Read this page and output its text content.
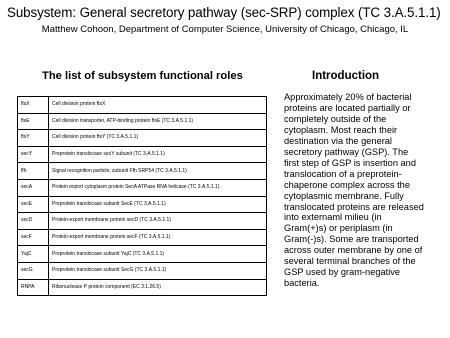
Subsystem: General secretory pathway (sec-SRP) complex (TC 3.A.5.1.1)
Matthew Cohoon, Department of Computer Science, University of Chicago, Chicago, IL
The list of subsystem functional roles	Introduction
ftsX	Cell division protein ftsX
ftsE	Cell division transporter, ATP-binding protein ftsE (TC 3.A.5.1.1)
ftsY	Cell division protein ftsY (TC 3.A.5.1.1)
secY	Preprotein translocase secY subunit (TC 3.A.5.1.1)
ffh	Signal recognition particle, subunit Ffh SRP54 (TC 3.A.5.1.1)
secA	Protein export cytoplasm protein SecA ATPase RNA helicase (TC 3.A.5.1.1)
secE	Preprotein translocase subunit SecE (TC 3.A.5.1.1)
secD	Protein-export membrane protein secD (TC 3.A.5.1.1)
secF	Protein-export membrane protein secF (TC 3.A.5.1.1)
YajC	Preprotein translocase subunit YajC (TC 3.A.5.1.1)
secG	Preprotein translocase subunit SecG (TC 3.A.5.1.1)
RNPA	Ribonuclease P protein component (EC 3.1.26.5)
Approximately 20% of bacterial
proteins are located partially or
completely outside of the
cytoplasm. Most reach their
destination via the general
secretory pathway (GSP). The
first step of GSP is insertion and
translocation of a preprotein-
chaperone complex across the
cytoplasmic membrane. Fully
translocated proteins are released
into externaml milieu (in
Gram(+)s) or periplasm (in
Gram(-)s). Some are transported
across outer membrane by one of
several terminal branches of the
GSP used by gram-negative
bacteria.
